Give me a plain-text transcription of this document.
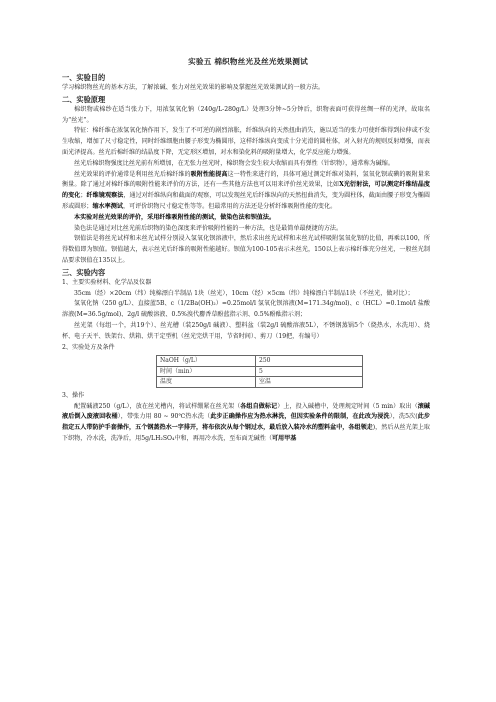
实验五 棉织物丝光及丝光效果测试
一、实验目的

学习棉织物丝光的基本方法，了解浓碱、张力对丝光效果的影响及掌握丝光效果测试的一般方法。

二、实验原理

棉织物或棉纱在适当张力下，用浓氢氧化钠（240g/L-280g/L）处理3分钟~5分钟后，织物表面可获得丝绸一样的光泽，故取名为“丝光”。

特征：棉纤维在浓氢氧化钠作用下，发生了不可逆的剧烈溶胀，纤维纵向的天然扭曲消失，施以适当的张力可使纤维得到拉伸或不发生收缩，增加了尺寸稳定性，同时纤维细胞由腰子形变为椭圆形，这样纤维纵向变成十分光滑的圆柱体，对入射光的规则反射增强，而表面光泽提高。丝光后棉纤维的结晶度下降，无定形区增加，对水和染化料的吸附量增大，化学反应能力增强。

丝光后棉织物强度比丝光前有所增加，在无张力丝光时，棉织物会发生较大收缩而具有弹性（针织物），通常称为碱缩。

丝光效果的评价通常是利用丝光后棉纤维的吸附性能提高这一特性来进行的，具体可通过测定纤维对染料，氢氧化钡或碘的吸附量来衡量。除了通过对棉纤维的吸附性能来评价的方法，还有一些其他方法也可以用来评价丝光效果，比如X光衍射法，可以测定纤维结晶度的变化；纤维镜观察法，通过对纤维纵向和截面的观察，可以发现丝光后纤维纵向的天然扭曲消失，变为圆柱体，截面由腰子形变为椭圆形或圆形；缩水率测试，可评价织物尺寸稳定性等等。但最常用的方法还是分析纤维吸附性能的变化。

本实验对丝光效果的评价，采用纤维吸附性能的测试，做染色法和钡值法。

染色法是通过对比丝光前后织物的染色深度来评价吸附性能的一种方法，也是最简单最便捷的方法。

钡值法是将丝光试样和未丝光试样分别浸入氢氧化钡溶液中，然后求出丝光试样和未丝光试样吸附氢氧化钡的比值，再乘以100，所得数值即为钡值。钡值越大，表示丝光后纤维的吸附性能越好。钡值为100-105表示未丝光，150以上表示棉纤维充分丝光，一般丝光制品要求钡值在135以上。

三、实验内容
1、主要实验材料、化学品及仪器

35cm（经）×20cm（纬）纯棉漂白半制品 1块（丝光），10cm（经）×5cm（纬）纯棉漂白半制品1块（不丝光，做对比）；

氢氧化钠（250 g/L）、直接蓝5B、c（1/2Ba(OH)₂）=0.25mol/l 氢氧化钡溶液(M=171.34g/mol)、c（HCL）=0.1mol/l 盐酸溶液(M=36.5g/mol)、2g/l 硫酸溶液、0.5%溴代麝香草酚蓝指示剂、0.5%酚酞指示剂；

丝光架（每组一个，共19个）、丝光槽（装250g/l 碱液）、塑料盆（装2g/l 硫酸溶液5L），不锈钢蒸锅5个（烧热水，水洗用）、烧杯、电子天平、铁架台、烘箱、烘干定型机（丝光完烘干用，节省时间）、剪刀（19把，有编号）

2、实验处方及条件
NaOH（g/L）	250
时间（min）	5
温度	室温
3、操作

配置碱液250（g/L），放在丝光槽内，将试样绷紧在丝光架（各组自做标记）上，投入碱槽中，处理规定时间（5 min）取出（滚碱液后倒入废液回收桶），带张力用 80 ~ 90℃热水洗（此步正确操作应为热水淋洗，但因实验条件的限制，在此改为浸洗），洗5次(此步指定五人带防护手套操作，五个钢蒸热水一字排开，将布依次从每个钢过水，最后放入装冷水的塑料盆中，各组领走)，然后从丝光架上取下织物，冷水洗，洗净后，用5g/LH₂SO₄中和，再用冷水洗，至布面无碱性（可用甲基
